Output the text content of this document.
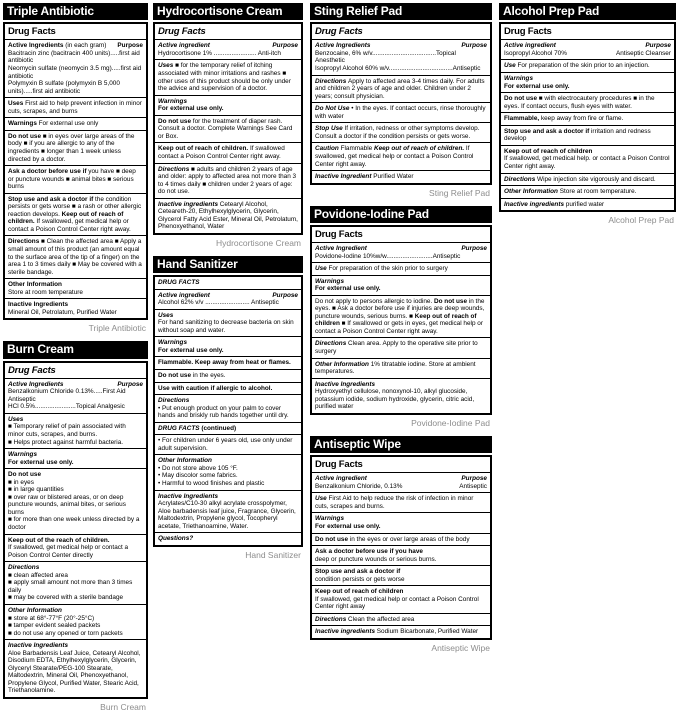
Triple Antibiotic
Drug Facts
Active Ingredients (in each gram) Purpose
Bacitracin zinc (bacitracin 400 units).....first aid antibiotic
Neomycin sulfate (neomycin 3.5 mg).....first aid antibiotic
Polymyxin B sulfate (polymyxin B 5,000 units).....first aid antibiotic
Uses First aid to help prevent infection in minor cuts, scrapes, and burns
Warnings For external use only
Do not use ■ in eyes over large areas of the body ■ if you are allergic to any of the ingredients ■ longer than 1 week unless directed by a doctor.
Ask a doctor before use if you have ■ deep or puncture wounds ■ animal bites ■ serious burns
Stop use and ask a doctor if the condition persists or gets worse ■ a rash or other allergic reaction develops. Keep out of reach of children. If swallowed, get medical help or contact a Poison Control Center right away.
Directions ■ Clean the affected area ■ Apply a small amount of this product (an amount equal to the surface area of the tip of a finger) on the area 1 to 3 times daily ■ May be covered with a sterile bandage.
Other Information
Store at room temperature
Inactive Ingredients
Mineral Oil, Petrolatum, Purified Water
Triple Antibiotic
Burn Cream
Drug Facts
Active Ingredients	Purpose
Benzalkonium Chloride 0.13%.....First Aid Antiseptic
HCl 0.5%.......................Topical Analgesic
Uses
■ Temporary relief of pain associated with minor cuts, scrapes, and burns.
■ Helps protect against harmful bacteria.
Warnings
For external use only.
Do not use
■ in eyes
■ in large quantities
■ over raw or blistered areas, or on deep puncture wounds, animal bites, or serious burns
■ for more than one week unless directed by a doctor
Keep out of the reach of children.
If swallowed, get medical help or contact a Poison Control Center directly
Directions
■ clean affected area
■ apply small amount not more than 3 times daily
■ may be covered with a sterile bandage
Other Information
■ store at 68°-77°F (20°-25°C)
■ tamper evident sealed packets
■ do not use any opened or torn packets
Inactive Ingredients
Aloe Barbadensis Leaf Juice, Cetearyl Alcohol, Disodium EDTA, Ethylhexylglycerin, Glycerin, Glyceryl Stearate/PEG-100 Stearate, Maltodextrin, Mineral Oil, Phenoxyethanol, Propylene Glycol, Purified Water, Stearic Acid, Triethanolamine.
Burn Cream
Hydrocortisone Cream
Drug Facts
Active ingredient	Purpose
Hydrocortisone 1% ........................ Anti-itch
Uses ■ for the temporary relief of itching associated with minor irritations and rashes ■ other uses of this product should be only under the advice and supervision of a doctor.
Warnings
For external use only.
Do not use for the treatment of diaper rash. Consult a doctor. Complete Warnings See Card or Box.
Keep out of reach of children. If swallowed contact a Poison Control Center right away.
Directions ■ adults and children 2 years of age and older: apply to affected area not more than 3 to 4 times daily ■ children under 2 years of age: do not use.
Inactive ingredients Cetearyl Alcohol, Ceteareth-20, Ethylhexylglycerin, Glycerin, Glycerol Fatty Acid Ester, Mineral Oil, Petrolatum, Phenoxyethanol, Water
Hydrocortisone Cream
Hand Sanitizer
DRUG FACTS
Active ingredient	Purpose
Alcohol 62% v/v ......................... Antiseptic
Uses
For hand sanitizing to decrease bacteria on skin without soap and water.
Warnings
For external use only.
Flammable. Keep away from heat or flames.
Do not use in the eyes.
Use with caution if allergic to alcohol.
Directions
• Put enough product on your palm to cover hands and briskly rub hands together until dry.
DRUG FACTS (continued)
• For children under 6 years old, use only under adult supervision.
Other Information
• Do not store above 105 °F.
• May discolor some fabrics.
• Harmful to wood finishes and plastic
Inactive Ingredients
Acrylates/C10-30 alkyl acrylate crosspolymer, Aloe barbadensis leaf juice, Fragrance, Glycerin, Maltodextrin, Propylene glycol, Tocopheryl acetate, Triethanoamine, Water.
Questions?
Hand Sanitizer
Sting Relief Pad
Drug Facts
Active Ingredients	Purpose
Benzocaine, 6% w/v....................................Topical Anesthetic
Isopropyl Alcohol 60% w/v....................................Antiseptic
Directions Apply to affected area 3-4 times daily. For adults and children 2 years of age and older. Children under 2 years; consult physician.
Do Not Use • In the eyes. If contact occurs, rinse thoroughly with water
Stop Use If irritation, redness or other symptoms develop. Consult a doctor if the condition persists or gets worse.
Caution Flammable Keep out of reach of children. If swallowed, get medical help or contact a Poison Control Center right away.
Inactive Ingredient Purified Water
Sting Relief Pad
Povidone-Iodine Pad
Drug Facts
Active Ingredient	Purpose
Povidone-Iodine 10%w/w..........................Antiseptic
Use For preparation of the skin prior to surgery
Warnings
For external use only.
Do not apply to persons allergic to iodine. Do not use in the eyes. ■ Ask a doctor before use if injuries are deep wounds, puncture wounds, serious burns. ■ Keep out of reach of children ■ If swallowed or gets in eyes, get medical help or contact a Poison Control Center right away.
Directions Clean area. Apply to the operative site prior to surgery
Other Information 1% titratable iodine. Store at ambient temperatures.
Inactive Ingredients
Hydroxyethyl cellulose, nonoxynol-10, alkyl glucoside, potassium iodide, sodium hydroxide, glycerin, citric acid, purified water
Povidone-Iodine Pad
Antiseptic Wipe
Drug Facts
Active ingredient	Purpose
Benzalkonium Chloride, 0.13%	Antiseptic
Use First Aid to help reduce the risk of infection in minor cuts, scrapes and burns.
Warnings
For external use only.
Do not use in the eyes or over large areas of the body
Ask a doctor before use if you have
deep or puncture wounds or serious burns.
Stop use and ask a doctor if
condition persists or gets worse
Keep out of reach of children
If swallowed, get medical help or contact a Poison Control Center right away
Directions Clean the affected area
Inactive ingredients Sodium Bicarbonate, Purified Water
Antiseptic Wipe
Alcohol Prep Pad
Drug Facts
Active ingredient	Purpose
Isopropyl Alcohol 70%	Antiseptic Cleanser
Use For preparation of the skin prior to an injection.
Warnings
For external use only.
Do not use ■ with electrocautery procedures ■ in the eyes. If contact occurs, flush eyes with water.
Flammable, keep away from fire or flame.
Stop use and ask a doctor if irritation and redness develop
Keep out of reach of children
If swallowed, get medical help. or contact a Poison Control Center right away.
Directions Wipe injection site vigorously and discard.
Other Information Store at room temperature.
Inactive ingredients purified water
Alcohol Prep Pad
